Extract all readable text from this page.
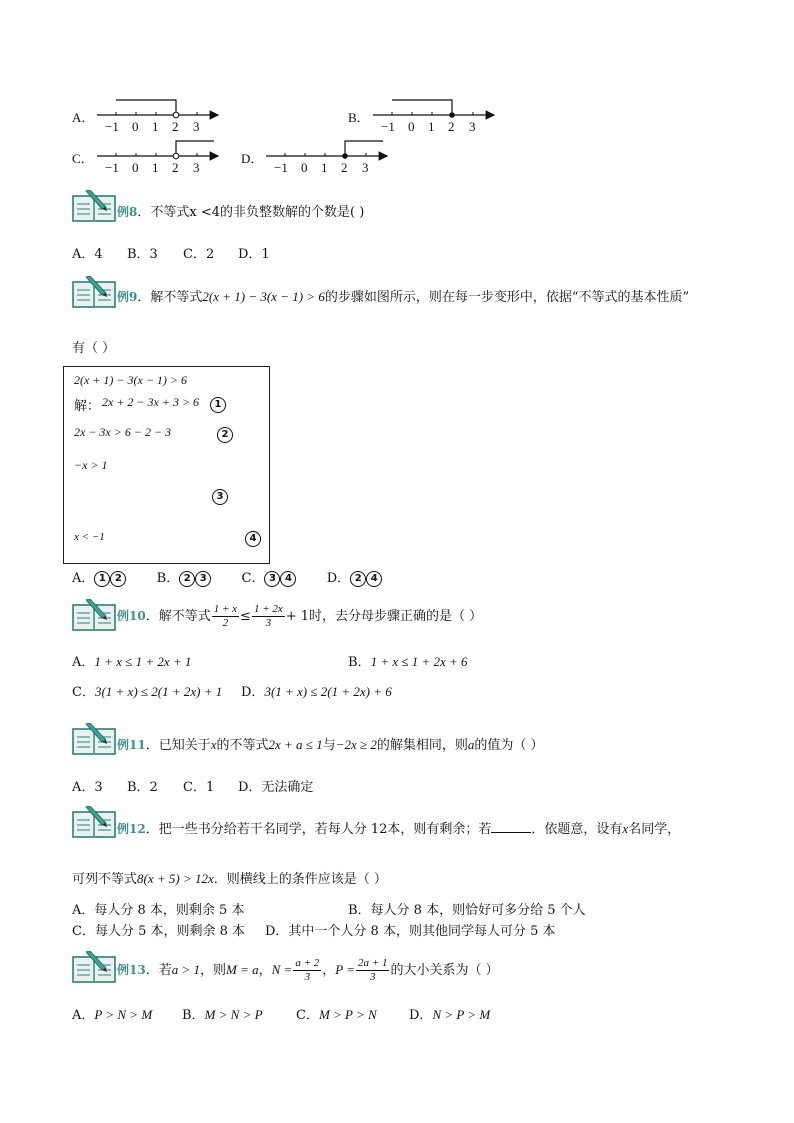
A．	B．
C．	D．
−1 0 1 2 3	−1 0 1 2 3
−1 0 1 2 3	−1 0 1 2 3
例8．不等式x <4的非负整数解的个数是( )
A．4 B．3 C．2 D．1
例9．解不等式2(x + 1) − 3(x − 1) > 6的步骤如图所示，则在每一步变形中，依据“不等式的基本性质”
有（ ）
2(x + 1) − 3(x − 1) > 6
解： 2x + 2 − 3x + 3 > 6	1
2x − 3x > 6 − 2 − 3	2
−x > 1
3
x < −1	4
A． 1 2	B． 2 3	C． 3 4	D． 2 4
例10．解不等式 $\frac{1 + x}{2} \le \frac{1 + 2x}{3} + 1$时，去分母步骤正确的是（ ）
A．1 + x ≤ 1 + 2x + 1	B．1 + x ≤ 1 + 2x + 6
C．3(1 + x) ≤ 2(1 + 2x) + 1 D．3(1 + x) ≤ 2(1 + 2x) + 6
例11．已知关于x的不等式2x + a ≤ 1与−2x ≥ 2的解集相同，则a的值为（ ）
A．3 B．2 C．1 D．无法确定
例12．把一些书分给若干名同学，若每人分 12本，则有剩余；若	．依题意，设有x名同学，
可列不等式8(x + 5) > 12x．则横线上的条件应该是（ ）
A．每人分 8 本，则剩余 5 本	B．每人分 8 本，则恰好可多分给 5 个人
C．每人分 5 本，则剩余 8 本 D．其中一个人分 8 本，则其他同学每人可分 5 本
例13．若a > 1，则M = a，$N = \frac{a + 2}{3}$ ，$P = \frac{2a + 1}{3}$ 的大小关系为（ ）
A．P > N > M B．M > N > P	C．M > P > N D．N > P > M
